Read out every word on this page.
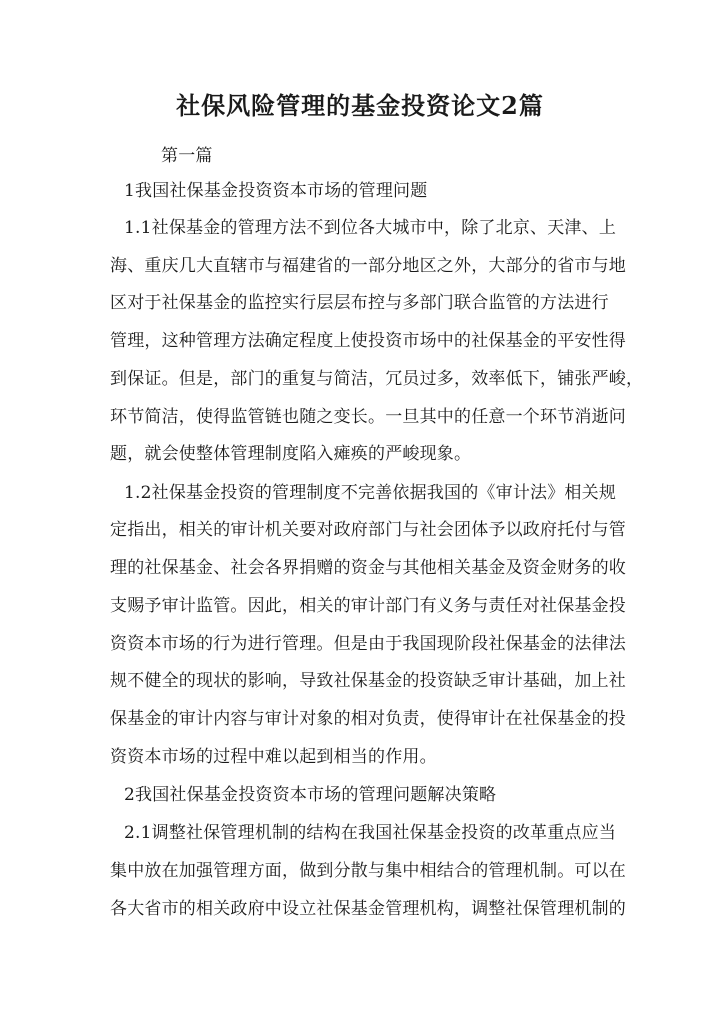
社保风险管理的基金投资论文2篇
第一篇
1我国社保基金投资资本市场的管理问题
1.1社保基金的管理方法不到位各大城市中，除了北京、天津、上
海、重庆几大直辖市与福建省的一部分地区之外，大部分的省市与地
区对于社保基金的监控实行层层布控与多部门联合监管的方法进行
管理，这种管理方法确定程度上使投资市场中的社保基金的平安性得
到保证。但是，部门的重复与简洁，冗员过多，效率低下，铺张严峻，
环节简洁，使得监管链也随之变长。一旦其中的任意一个环节消逝问
题，就会使整体管理制度陷入瘫痪的严峻现象。
1.2社保基金投资的管理制度不完善依据我国的《审计法》相关规
定指出，相关的审计机关要对政府部门与社会团体予以政府托付与管
理的社保基金、社会各界捐赠的资金与其他相关基金及资金财务的收
支赐予审计监管。因此，相关的审计部门有义务与责任对社保基金投
资资本市场的行为进行管理。但是由于我国现阶段社保基金的法律法
规不健全的现状的影响，导致社保基金的投资缺乏审计基础，加上社
保基金的审计内容与审计对象的相对负责，使得审计在社保基金的投
资资本市场的过程中难以起到相当的作用。
2我国社保基金投资资本市场的管理问题解决策略
2.1调整社保管理机制的结构在我国社保基金投资的改革重点应当
集中放在加强管理方面，做到分散与集中相结合的管理机制。可以在
各大省市的相关政府中设立社保基金管理机构，调整社保管理机制的
